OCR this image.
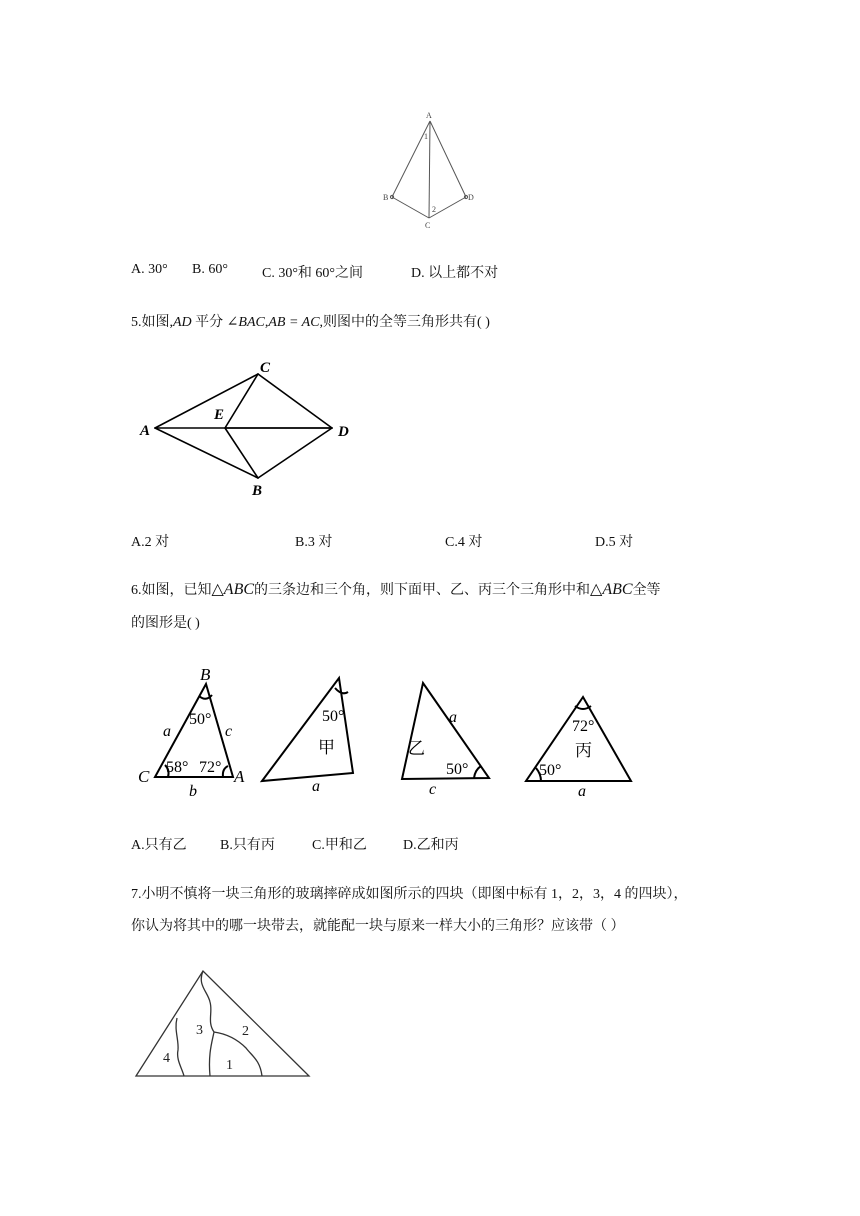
A
B
C
D
1
2
A. 30° B. 60° C. 30°和 60°之间	D. 以上都不对
5.如图,AD 平分 ∠BAC,AB = AC,则图中的全等三角形共有( )
A
C
E
D
B
A.2 对	B.3 对	C.4 对	D.5 对
6.如图，已知△ABC的三条边和三个角，则下面甲、乙、丙三个三角形中和△ABC全等
的图形是( )
B
C	A
a	c
b
50°
58° 72°
50°
甲
a
a
乙
50°
c
72°
丙
50°
a
A.只有乙 B.只有丙	C.甲和乙	D.乙和丙
7.小明不慎将一块三角形的玻璃摔碎成如图所示的四块（即图中标有 1，2，3，4 的四块），
你认为将其中的哪一块带去，就能配一块与原来一样大小的三角形？应该带（ ）
4
3	2
1
